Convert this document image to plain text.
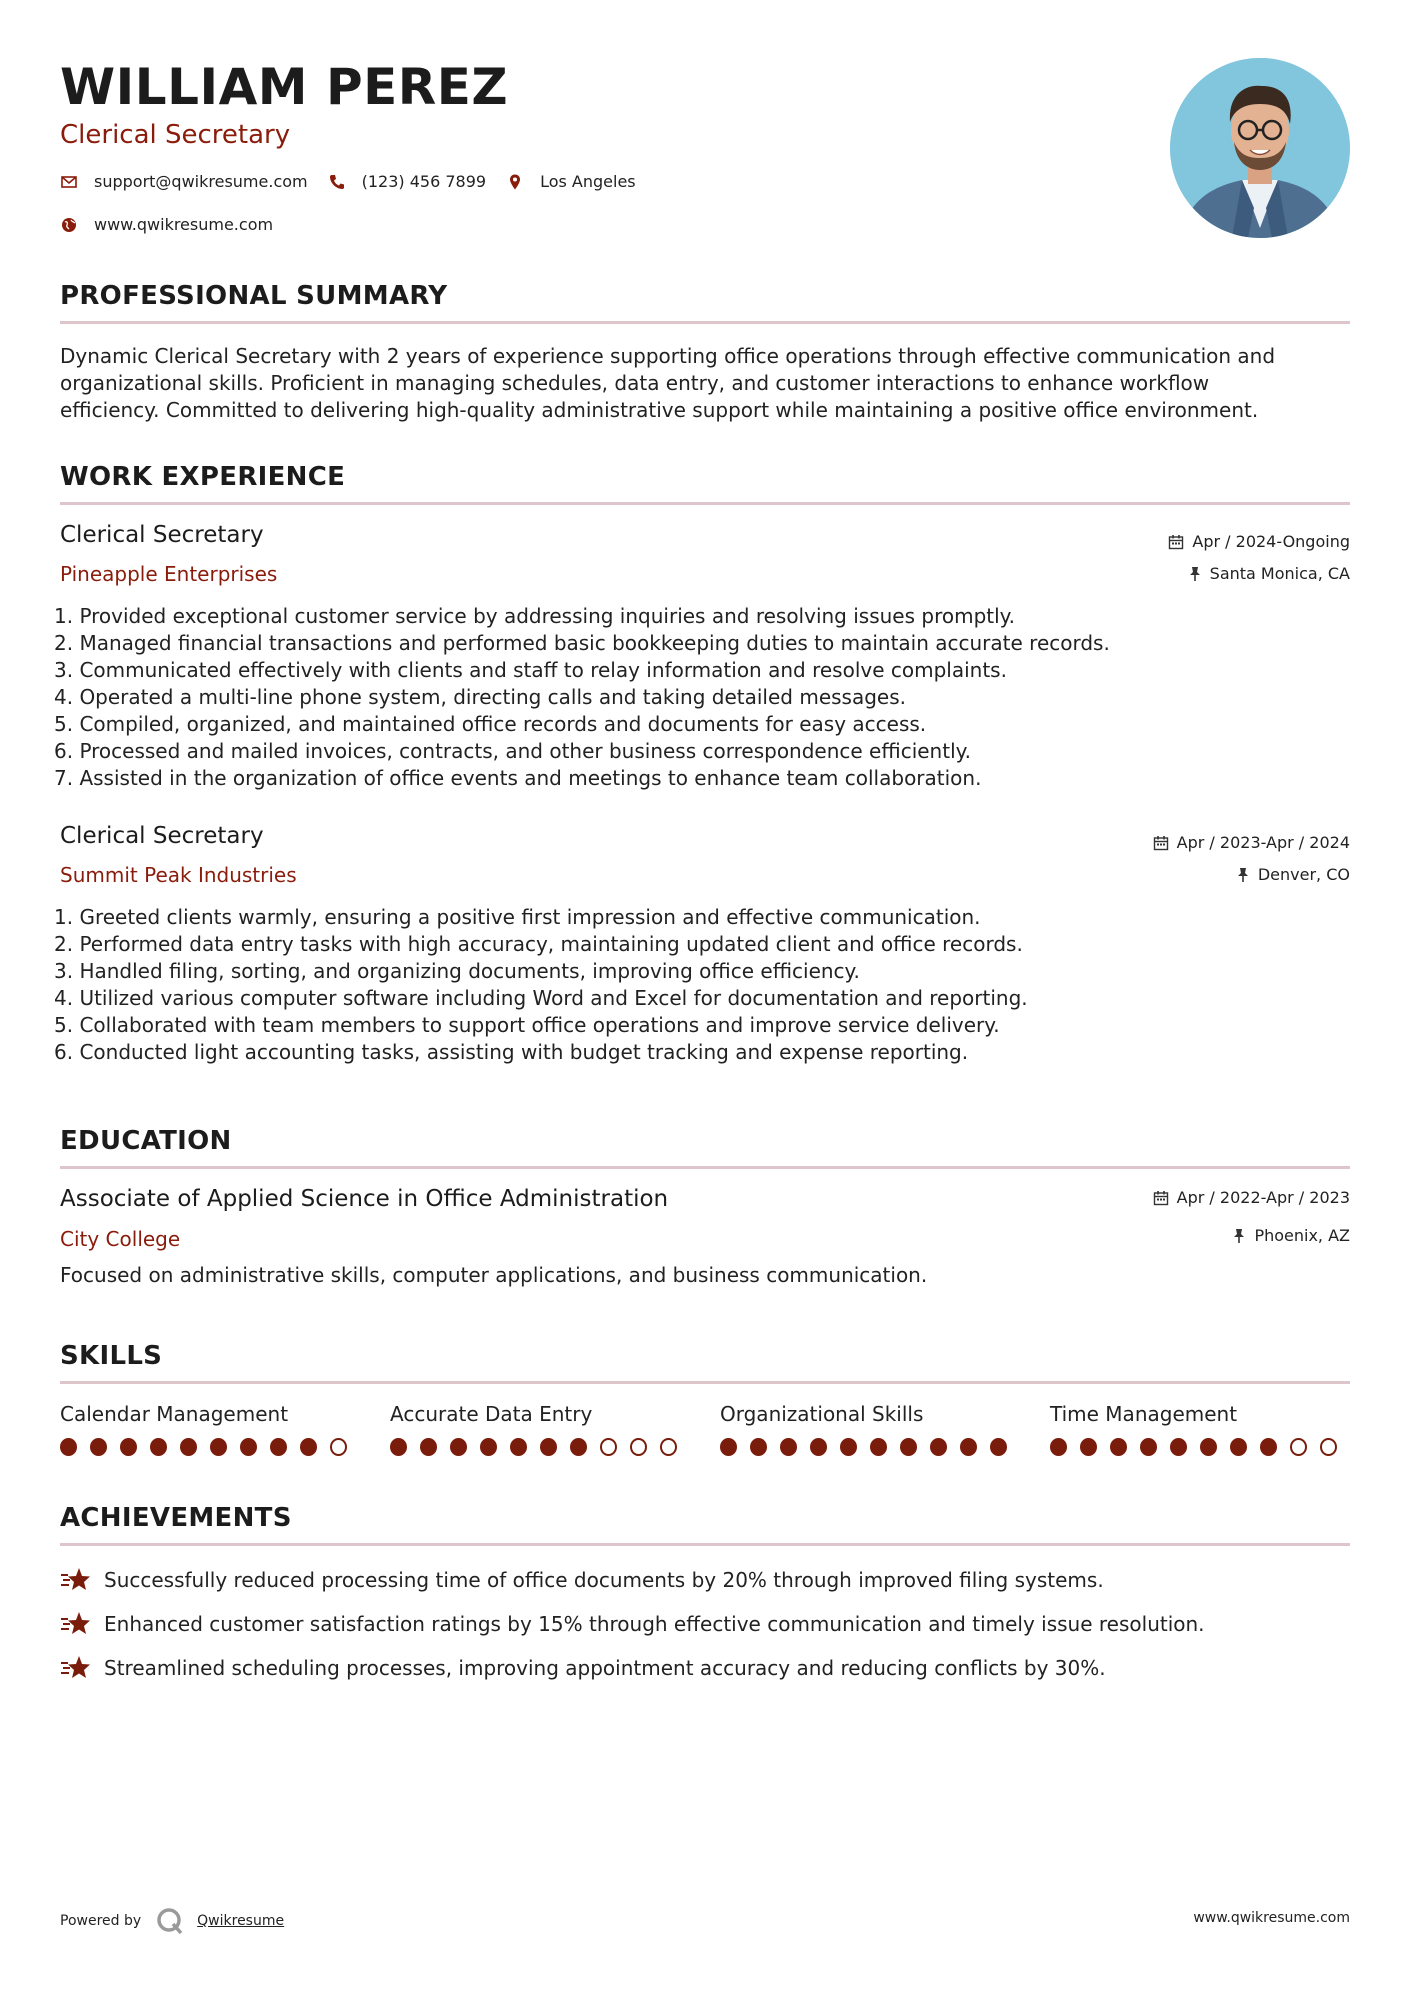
WILLIAM PEREZ
Clerical Secretary
support@qwikresume.com	(123) 456 7899	Los Angeles
www.qwikresume.com
PROFESSIONAL SUMMARY
Dynamic Clerical Secretary with 2 years of experience supporting office operations through effective communication and
organizational skills. Proficient in managing schedules, data entry, and customer interactions to enhance workflow
efficiency. Committed to delivering high-quality administrative support while maintaining a positive office environment.
WORK EXPERIENCE
Clerical Secretary
Pineapple Enterprises
Apr / 2024-Ongoing
Santa Monica, CA
1. Provided exceptional customer service by addressing inquiries and resolving issues promptly.
2. Managed financial transactions and performed basic bookkeeping duties to maintain accurate records.
3. Communicated effectively with clients and staff to relay information and resolve complaints.
4. Operated a multi-line phone system, directing calls and taking detailed messages.
5. Compiled, organized, and maintained office records and documents for easy access.
6. Processed and mailed invoices, contracts, and other business correspondence efficiently.
7. Assisted in the organization of office events and meetings to enhance team collaboration.
Clerical Secretary
Summit Peak Industries
Apr / 2023-Apr / 2024
Denver, CO
1. Greeted clients warmly, ensuring a positive first impression and effective communication.
2. Performed data entry tasks with high accuracy, maintaining updated client and office records.
3. Handled filing, sorting, and organizing documents, improving office efficiency.
4. Utilized various computer software including Word and Excel for documentation and reporting.
5. Collaborated with team members to support office operations and improve service delivery.
6. Conducted light accounting tasks, assisting with budget tracking and expense reporting.
EDUCATION
Associate of Applied Science in Office Administration
City College
Apr / 2022-Apr / 2023
Phoenix, AZ
Focused on administrative skills, computer applications, and business communication.
SKILLS
Calendar Management	Accurate Data Entry	Organizational Skills	Time Management
ACHIEVEMENTS
Successfully reduced processing time of office documents by 20% through improved filing systems.
Enhanced customer satisfaction ratings by 15% through effective communication and timely issue resolution.
Streamlined scheduling processes, improving appointment accuracy and reducing conflicts by 30%.
Powered by	Qwikresume	www.qwikresume.com
